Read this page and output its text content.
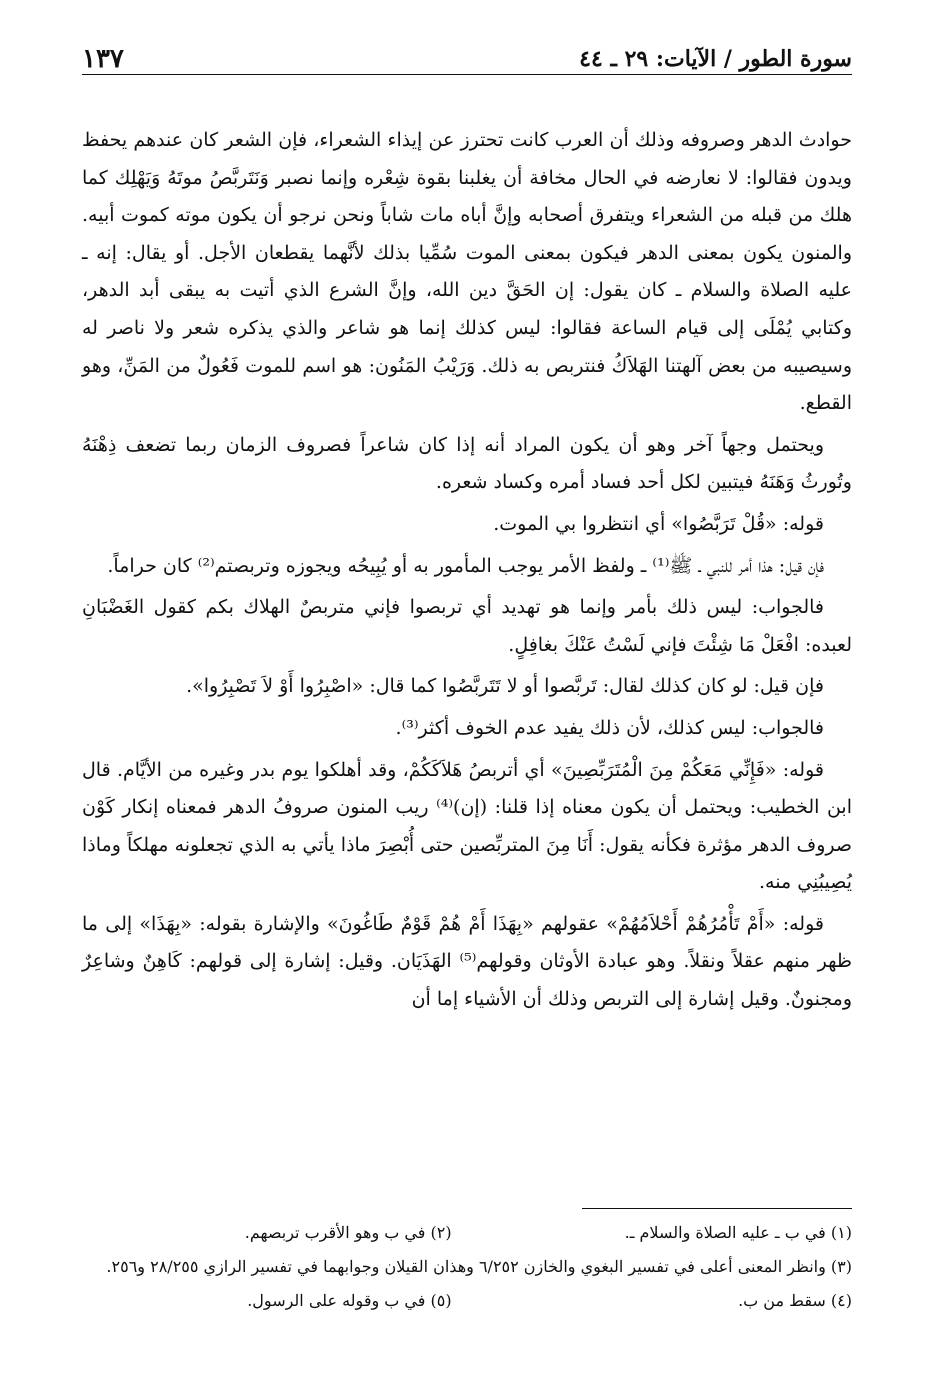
سورة الطور / الآيات: ٢٩ ـ ٤٤
١٣٧

حوادث الدهر وصروفه وذلك أن العرب كانت تحترز عن إيذاء الشعراء، فإن الشعر كان عندهم يحفظ ويدون فقالوا: لا نعارضه في الحال مخافة أن يغلبنا بقوة شِعْره وإنما نصبر وَنَتَربَّصُ موتَهُ وَيَهْلِك كما هلك من قبله من الشعراء ويتفرق أصحابه وإنَّ أباه مات شاباً ونحن نرجو أن يكون موته كموت أبيه. والمنون يكون بمعنى الدهر فيكون بمعنى الموت سُمِّيا بذلك لأنَّهما يقطعان الأجل. أو يقال: إنه ـ عليه الصلاة والسلام ـ كان يقول: إن الحَقَّ دين الله، وإنَّ الشرع الذي أتيت به يبقى أبد الدهر، وكتابي يُمْلَى إلى قيام الساعة فقالوا: ليس كذلك إنما هو شاعر والذي يذكره شعر ولا ناصر له وسيصيبه من بعض آلهتنا الهَلاَكُ فنتربص به ذلك. وَرَيْبُ المَنُون: هو اسم للموت فَعُولٌ من المَنِّ، وهو القطع.

ويحتمل وجهاً آخر وهو أن يكون المراد أنه إذا كان شاعراً فصروف الزمان ربما تضعف ذِهْنَهُ وتُورثُ وَهَنَهُ فيتبين لكل أحد فساد أمره وكساد شعره.

قوله: «قُلْ تَرَبَّصُوا» أي انتظروا بي الموت.

فإن قيل: هذا أمر للنبي ـ ﷺ⁽¹⁾ ـ ولفظ الأمر يوجب المأمور به أو يُبِيحُه ويجوزه وتربصتم⁽²⁾ كان حراماً.

فالجواب: ليس ذلك بأمر وإنما هو تهديد أي تربصوا فإني متربصٌ الهلاك بكم كقول الغَضْبَانِ لعبده: افْعَلْ مَا شِئْتَ فإني لَسْتُ عَنْكَ بغافِلٍ.

فإن قيل: لو كان كذلك لقال: تَربَّصوا أو لا تَتَربَّصُوا كما قال: «اصْبِرُوا أَوْ لاَ تَصْبِرُوا».

فالجواب: ليس كذلك، لأن ذلك يفيد عدم الخوف أكثر⁽³⁾.

قوله: «فَإِنِّي مَعَكُمْ مِنَ الْمُتَرَبِّصِينَ» أي أتربصُ هَلاَكَكُمْ، وقد أهلكوا يوم بدر وغيره من الأيَّام. قال ابن الخطيب: ويحتمل أن يكون معناه إذا قلنا: (إن)⁽⁴⁾ ريب المنون صروفُ الدهر فمعناه إنكار كَوْن صروف الدهر مؤثرة فكأنه يقول: أَنَا مِنَ المتربِّصين حتى أُبْصِرَ ماذا يأتي به الذي تجعلونه مهلكاً وماذا يُصِيبُنِي منه.

قوله: «أَمْ تَأْمُرُهُمْ أَحْلاَمُهُمْ» عقولهم «بِهَذَا أَمْ هُمْ قَوْمٌ طَاغُونَ» والإشارة بقوله: «بِهَذَا» إلى ما ظهر منهم عقلاً ونقلاً. وهو عبادة الأوثان وقولهم⁽⁵⁾ الهَذَيَان. وقيل: إشارة إلى قولهم: كَاهِنٌ وشاعِرٌ ومجنونٌ. وقيل إشارة إلى التربص وذلك أن الأشياء إما أن

(١) في ب ـ عليه الصلاة والسلام ـ.
(٢) في ب وهو الأقرب تربصهم.
(٣) وانظر المعنى أعلى في تفسير البغوي والخازن ٦/٢٥٢ وهذان القيلان وجوابهما في تفسير الرازي ٢٨/٢٥٥ و٢٥٦.
(٤) سقط من ب.
(٥) في ب وقوله على الرسول.
